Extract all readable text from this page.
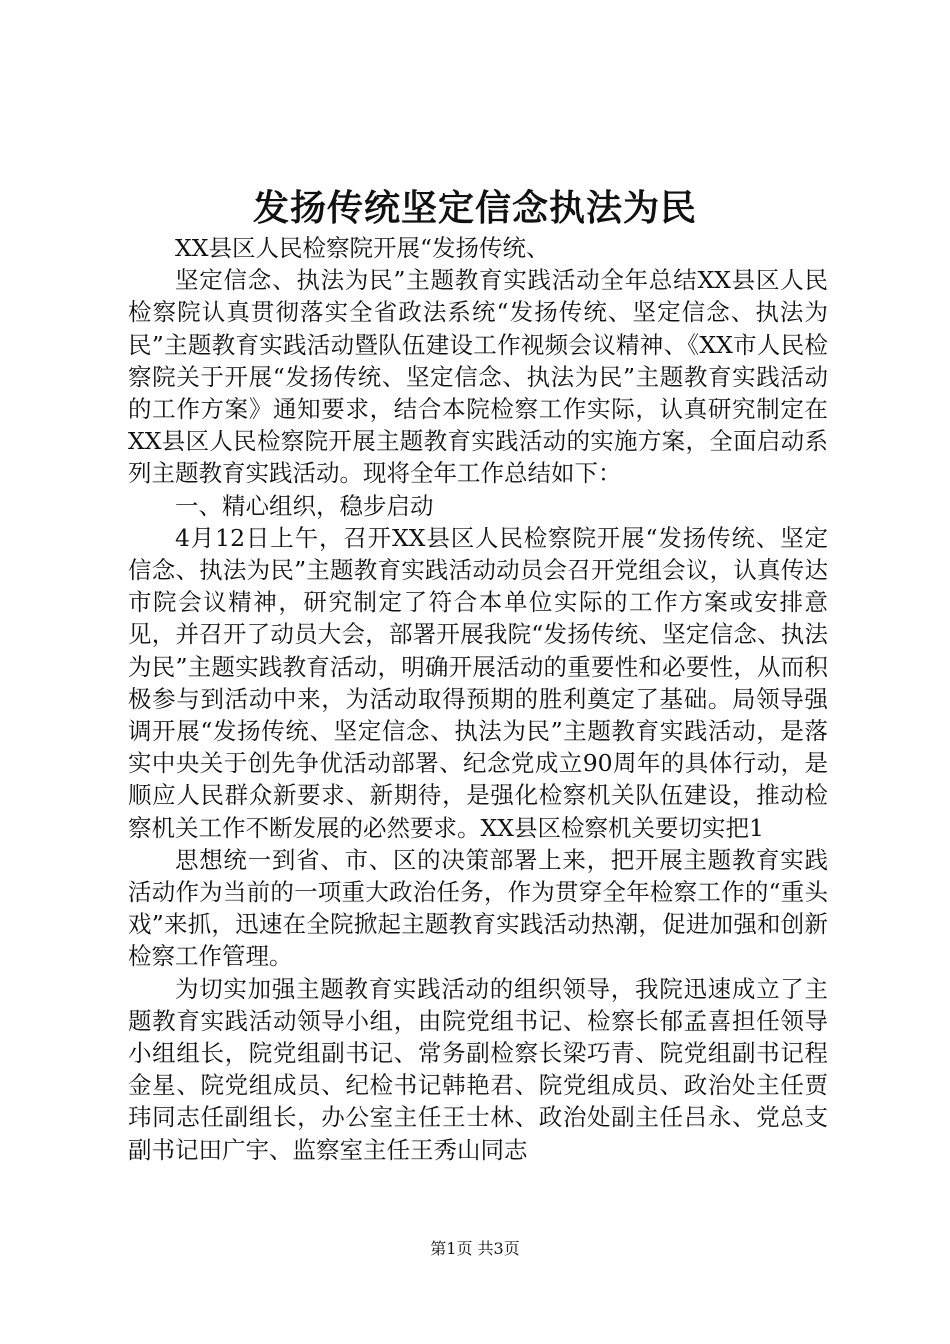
发扬传统坚定信念执法为民

XX县区人民检察院开展“发扬传统、

坚定信念、执法为民”主题教育实践活动全年总结XX县区人民检察院认真贯彻落实全省政法系统“发扬传统、坚定信念、执法为民”主题教育实践活动暨队伍建设工作视频会议精神、《XX市人民检察院关于开展“发扬传统、坚定信念、执法为民”主题教育实践活动的工作方案》通知要求，结合本院检察工作实际，认真研究制定在XX县区人民检察院开展主题教育实践活动的实施方案，全面启动系列主题教育实践活动。现将全年工作总结如下：

一、精心组织，稳步启动

4月12日上午，召开XX县区人民检察院开展“发扬传统、坚定信念、执法为民”主题教育实践活动动员会召开党组会议，认真传达市院会议精神，研究制定了符合本单位实际的工作方案或安排意见，并召开了动员大会，部署开展我院“发扬传统、坚定信念、执法为民”主题实践教育活动，明确开展活动的重要性和必要性，从而积极参与到活动中来，为活动取得预期的胜利奠定了基础。局领导强调开展“发扬传统、坚定信念、执法为民”主题教育实践活动，是落实中央关于创先争优活动部署、纪念党成立90周年的具体行动，是顺应人民群众新要求、新期待，是强化检察机关队伍建设，推动检察机关工作不断发展的必然要求。XX县区检察机关要切实把1

思想统一到省、市、区的决策部署上来，把开展主题教育实践活动作为当前的一项重大政治任务，作为贯穿全年检察工作的“重头戏”来抓，迅速在全院掀起主题教育实践活动热潮，促进加强和创新检察工作管理。

为切实加强主题教育实践活动的组织领导，我院迅速成立了主题教育实践活动领导小组，由院党组书记、检察长郁孟喜担任领导小组组长，院党组副书记、常务副检察长梁巧青、院党组副书记程金星、院党组成员、纪检书记韩艳君、院党组成员、政治处主任贾玮同志任副组长，办公室主任王士林、政治处副主任吕永、党总支副书记田广宇、监察室主任王秀山同志

第1页 共3页
